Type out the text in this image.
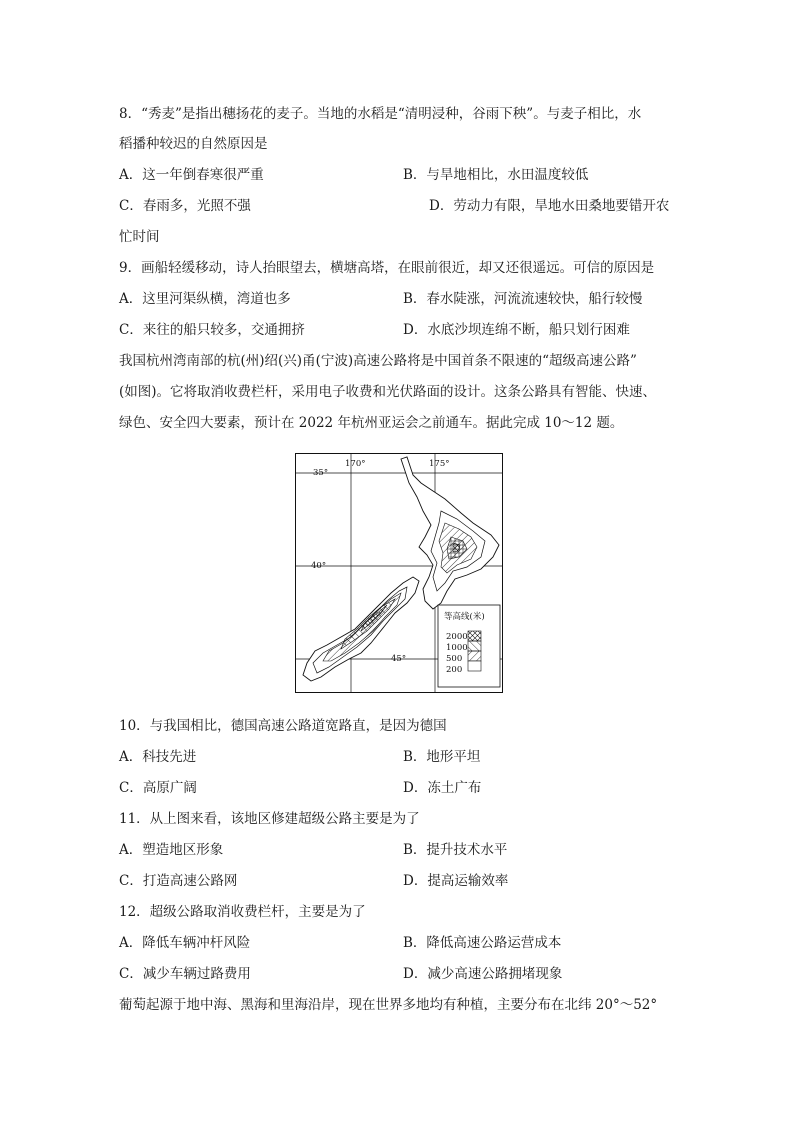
8．“秀麦”是指出穗扬花的麦子。当地的水稻是“清明浸种，谷雨下秧”。与麦子相比，水
稻播种较迟的自然原因是
A．这一年倒春寒很严重	B．与旱地相比，水田温度较低
C．春雨多，光照不强	D．劳动力有限，旱地水田桑地要错开农
忙时间
9．画船轻缓移动，诗人抬眼望去，横塘高塔，在眼前很近，却又还很遥远。可信的原因是
A．这里河渠纵横，湾道也多	B．春水陡涨，河流流速较快，船行较慢
C．来往的船只较多，交通拥挤	D．水底沙坝连绵不断，船只划行困难
我国杭州湾南部的杭(州)绍(兴)甬(宁波)高速公路将是中国首条不限速的“超级高速公路”
(如图)。它将取消收费栏杆，采用电子收费和光伏路面的设计。这条公路具有智能、快速、
绿色、安全四大要素，预计在 2022 年杭州亚运会之前通车。据此完成 10～12 题。
170°	175°
35°
40°
45°
等高线(米)
2000
1000
500
200
10．与我国相比，德国高速公路道宽路直，是因为德国
A．科技先进	B．地形平坦
C．高原广阔	D．冻土广布
11．从上图来看，该地区修建超级公路主要是为了
A．塑造地区形象	B．提升技术水平
C．打造高速公路网	D．提高运输效率
12．超级公路取消收费栏杆，主要是为了
A．降低车辆冲杆风险	B．降低高速公路运营成本
C．减少车辆过路费用	D．减少高速公路拥堵现象
葡萄起源于地中海、黑海和里海沿岸，现在世界多地均有种植，主要分布在北纬 20°～52°
